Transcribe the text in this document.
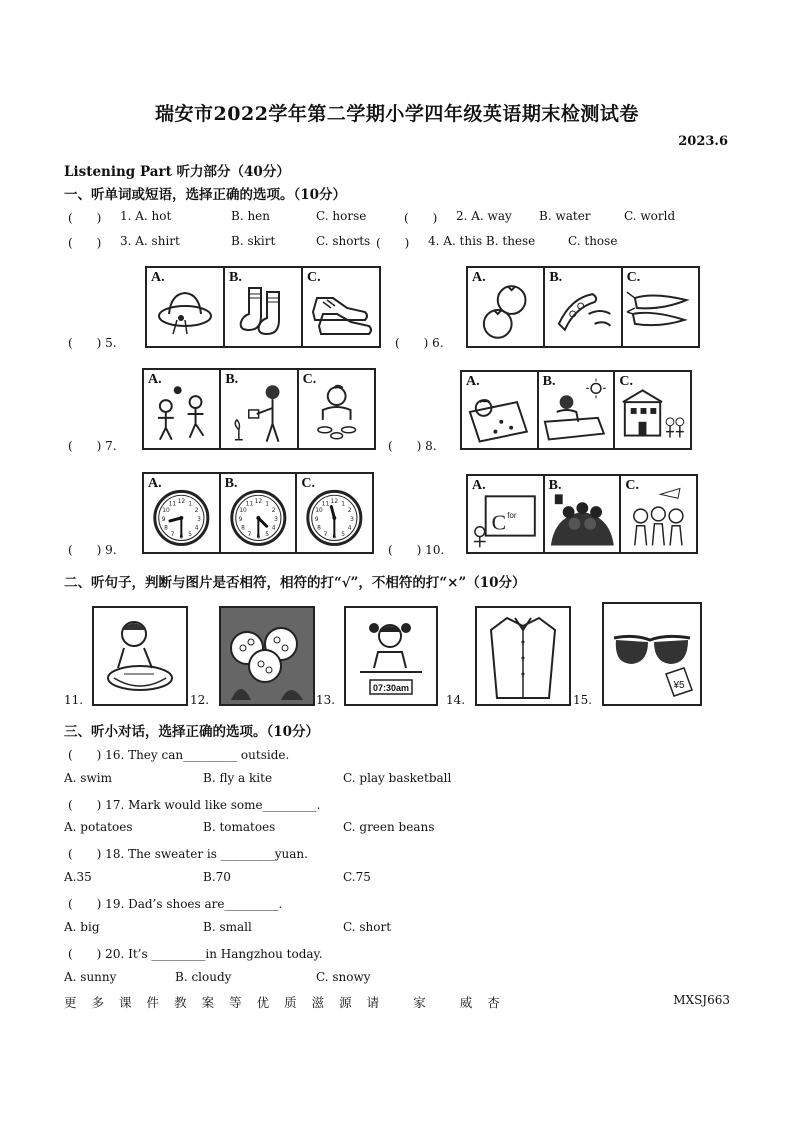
瑞安市2022学年第二学期小学四年级英语期末检测试卷
2023.6
Listening Part 听力部分（40分）
一、听单词或短语，选择正确的选项。（10分）
(　　) 1. A. hot	B. hen	C. horse	(　　) 2. A. way B. water	C. world
(　　) 3. A. shirt	B. skirt	C. shorts (　　) 4. A. this B. these	C. those
(　　) 5.
A.	B.	C.
(　　) 6.
A.	B.	C.
(　　) 7.
A.	B.	C.
(　　) 8.
A.	B.	C.
(　　) 9.
1
2
3
4
5
6
7
8
9
10
11 12
A.
1
2
3
4
5
6
7
8
9
10
11 12
B.
1
2
3
4
5
6
7
8
9
10
11 12
C.
(　　) 10.
C for
A.	B.	C.
二、听句子，判断与图片是否相符，相符的打“√”，不相符的打“×”（10分）
11.	12.	13.
07:30am
14.	15.
¥5
三、听小对话，选择正确的选项。（10分）
(　　) 16. They can_________ outside.
A. swim	B. fly a kite	C. play basketball
(　　) 17. Mark would like some_________.
A. potatoes	B. tomatoes	C. green beans
(　　) 18. The sweater is _________yuan.
A.35	B.70	C.75
(　　) 19. Dad’s shoes are_________.
A. big	B. small	C. short
(　　) 20. It’s _________in Hangzhou today.
A. sunny	B. cloudy	C. snowy
更 多 课 件 教 案 等 优 质 滋 源 请	家	威 杏	MXSJ663
